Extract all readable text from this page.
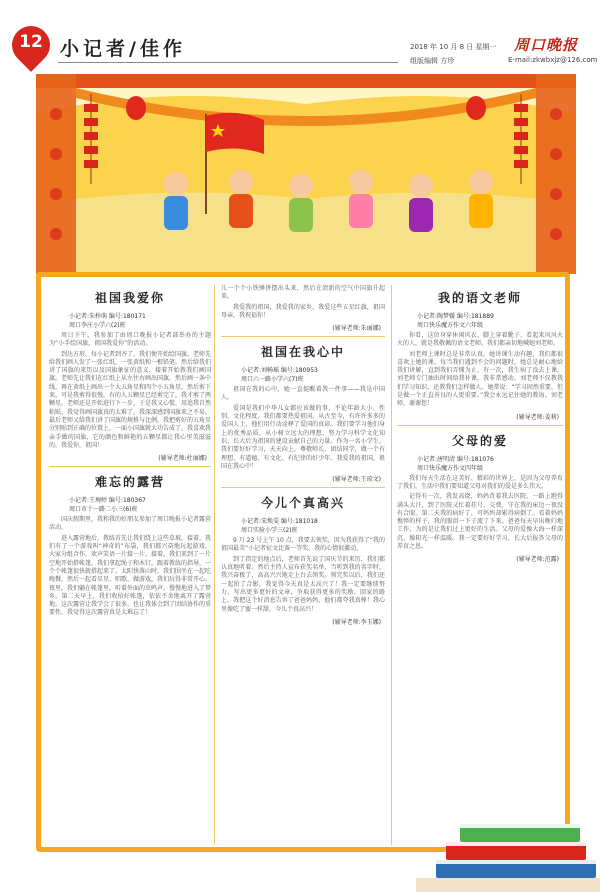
12 小记者/佳作	2018 年 10 月 8 日 星期一
组版编辑 方珍
周口晚报
E-mail:zkwbxjz@126.com
祖国我爱你
小记者:朱梓萌 编号:180171
周口李庄小学六(2)班
周日下午，我参加了由周口晚报小记者部举办的主题为“小手绘国旗，祖国我爱你”的活动。
到达方形，每小记者到齐了，我们便开始绘国旗，老师先给我们画人发了一张红纸，一张黄纸和一根铅笔。然后给我们讲了国旗的来历以及国旗象征的意义，接着开始教我们画国旗。老师先让我们在红纸上从左往右画出国旗，然后画一条中线，再在黄纸上画出一个大五角星和四个小五角星，然后剪下来。可是我剪得很慢，有的人五颗星已经剪完了，我才剪了两颗星。老师还是开始进行下一步，于是我又心慌，用追我自然粘贴，我觉得画国旗真的太难了，我深深感到国旗来之不易。最后老师又给我们讲了国旗的规格与比例，我把剪好的五角星分别贴到正确的位置上，一面小国旗就大功告成了。我喜欢我亲手做的国旗，它的颜色和鲜艳的五颗星都让我心里美滋滋的。我爱你，祖国！
(辅导老师:杜丽娜)
难忘的露营
小记者:王琬婷 编号:180367
周口市十一路二小三(6)班
国庆假期里，我和我的好朋友参加了周口晚报小记者露营活动。
进入露营地后，教练首先让我们绕上这些草坡，接着，我们有了一个游戏叫“神奇的”布袋，我们都兴奋地玩起游戏，大家分组合作，欢声笑语一片接一片。接着，我们来到了一片空地开始搭帐篷，我们拿起绳子和木钉，跟着教练的指导，一个个帐篷很快就搭起来了。太阳快落山时，我们围坐在一起吃晚餐，然后一起看星星、唱歌、做游戏，我们玩得非常开心。夜里，我们躺在帐篷里，听着外面的虫鸣声，慢慢地进入了梦乡。第二天早上，我们收拾好帐篷，依依不舍地离开了露营地。这次露营让我学会了很多，也让我体会到了团结协作的重要性，我觉得这次露营真是太难忘了！
儿一个个小铁锤拼摆出头来，然后在清新的空气中国旗升起来。
我爱我的祖国，我爱我的家乡，我爱这些五星红旗，祖国母亲，我祝福你！
(辅导老师:朱丽娜)
祖国在我心中
小记者:刘畅瑶 编号:180953
周口六一路小学六(7)班
祖国在我的心中，她一直提醒着我一件事——我是中国人。
爱国是我们中华儿女都应该做的事，不论年龄大小、性别、文化程度，我们都要热爱祖国。从古至今，有许许多多的爱国人士，他们用行动诠释了爱国的真谛。我们要学习他们身上的优秀品质，从小树立远大的理想，努力学习科学文化知识，长大后为祖国的建设贡献自己的力量。作为一名小学生，我们要好好学习，天天向上，尊敬师长，团结同学，做一个有理想、有道德、有文化、有纪律的好少年。我爱我的祖国，祖国在我心中！
(辅导老师:王琼文)
今儿个真高兴
小记者:宋焕雯 编号:181018
周口实验小学三(2)班
9 月 23 号上午 10 点，我要去领奖，因为我获得了“我的祖国最美”小记者征文比赛一等奖，我的心情很激动。
到了指定的地点后，老师首先说了国庆节的来历，我们都认真地听着。然后主持人宣布获奖名单，当听到我的名字时，我兴奋极了，高高兴兴地走上台去领奖。领完奖以后，我们还一起拍了合影，我觉得今天真是太高兴了！我一定要继续努力，写出更多更好的文章，争取获得更多的奖励。回家的路上，我把这个好消息告诉了爸爸妈妈，他们都夸我真棒！我心里像吃了蜜一样甜，今儿个真高兴！
(辅导老师:李玉娜)
我的语文老师
小记者:陶梦媛 编号:181889
周口快乐魔方作文六年级
你看，这位身穿休闲风衣、脚上穿着靴子、看起来风风火火的人，就是我敬佩的语文老师。我们都亲切地喊她刘老师。
刘老师上课时总是非常认真，她讲课生动有趣，我们都很喜欢上她的课。每当我们遇到不会的问题时，她总是耐心地给我们讲解，直到我们弄懂为止。有一次，我生病了没去上课，刘老师专门抽出时间给我补课，我非常感动。刘老师不仅教我们学习知识，还教我们怎样做人。她常说：“学习固然重要，但是做一个正直善良的人更重要。”我会永远记住她的教诲。刘老师，谢谢您！
(辅导老师:姜莉)
父母的爱
小记者:唐明清 编号:181076
周口快乐魔方作文四年级
我们每天生活在这美好、精彩的世界上，是因为父母养育了我们，生活中我们要知道父母对我们的爱是多么伟大。
记得有一次，我发高烧，妈妈背着我去医院，一路上跑得满头大汗，到了医院又忙着挂号、交费，守在我的床边一夜没有合眼。第二天我的病好了，可妈妈却累得病倒了。看着妈妈憔悴的样子，我的眼泪一下子流了下来。爸爸每天早出晚归地工作，为的是让我们过上更好的生活。父母的爱像大海一样深沉，像阳光一样温暖。我一定要好好学习，长大后报答父母的养育之恩。
(辅导老师:范露)
